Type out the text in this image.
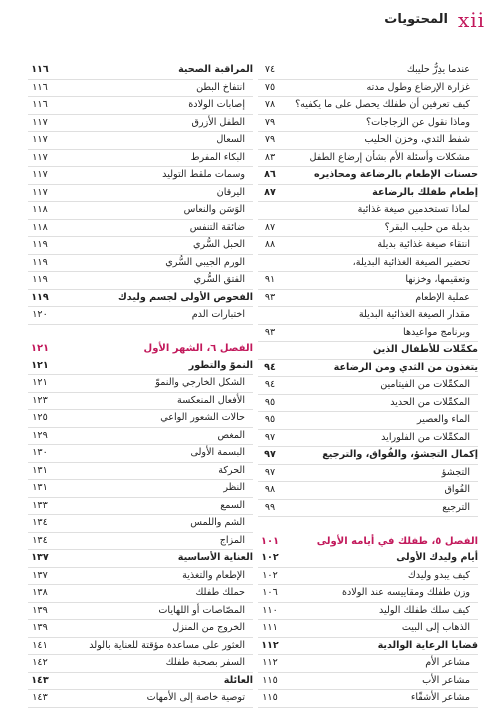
xii
المحتويات
عندما يدِرُّ حليبك
٧٤
غزارة الإرضاع وطول مدته
٧٥
كيف تعرفين أن طفلك يحصل على ما يكفيه؟
٧٨
وماذا نقول عن الزجاجات؟
٧٩
شفط الثدي، وخزن الحليب
٧٩
مشكلات وأسئلة الأم بشأن إرضاع الطفل
٨٣
حسنات الإطعام بالرضاعة ومحاذيره
٨٦
إطعام طفلك بالرضاعة
٨٧
لماذا تستخدمين صيغة غذائية
بديلة من حليب البقر؟
٨٧
انتقاء صيغة غذائية بديلة
٨٨
تحضير الصيغة الغذائية البديلة،
وتعقيمها، وخزنها
٩١
عملية الإطعام
٩٣
مقدار الصيغة الغذائية البديلة
وبرنامج مواعيدها
٩٣
مكمِّلات للأطفال الذين
يتغذون من الثدي ومن الرضاعة
٩٤
المكمِّلات من الفيتامين
٩٤
المكمِّلات من الحديد
٩٥
الماء والعصير
٩٥
المكمِّلات من الفلورايد
٩٧
إكمال التجشؤ، والفُواق، والترجيع
٩٧
التجشؤ
٩٧
الفُواق
٩٨
الترجيع
٩٩
الفصل ٥، طفلك في أيامه الأولى
١٠١
أيام وليدك الأولى
١٠٢
كيف يبدو وليدك
١٠٢
وزن طفلك ومقاييسه عند الولادة
١٠٦
كيف سلك طفلك الوليد
١١٠
الذهاب إلى البيت
١١١
قضايا الرعاية الوالدية
١١٢
مشاعر الأم
١١٢
مشاعر الأب
١١٥
مشاعر الأشقّاء
١١٥
المراقبة الصحية
١١٦
انتفاخ البطن
١١٦
إصابات الولادة
١١٦
الطفل الأزرق
١١٧
السعال
١١٧
البكاء المفرط
١١٧
وسمات ملقط التوليد
١١٧
اليرقان
١١٧
الوَسَن والنعاس
١١٨
ضائقة التنفس
١١٨
الحبل السُّري
١١٩
الورم الجيبي السُّري
١١٩
الفتق السُّري
١١٩
الفحوص الأولى لجسم وليدك
١١٩
اختبارات الدم
١٢٠
الفصل ٦، الشهر الأول
١٢١
النموّ والتطور
١٢١
الشكل الخارجي والنموّ
١٢١
الأفعال المنعكسة
١٢٣
حالات الشعور الواعي
١٢٥
المغص
١٢٩
البسمة الأولى
١٣٠
الحركة
١٣١
النظر
١٣١
السمع
١٣٣
الشم واللمس
١٣٤
المزاج
١٣٤
العناية الأساسية
١٣٧
الإطعام والتغذية
١٣٧
حملك طفلك
١٣٨
المصّاصات أو اللهايات
١٣٩
الخروج من المنزل
١٣٩
العثور على مساعدة مؤقتة للعناية بالولد
١٤١
السفر بصحبة طفلك
١٤٢
العائلة
١٤٣
توصية خاصة إلى الأمهات
١٤٣
